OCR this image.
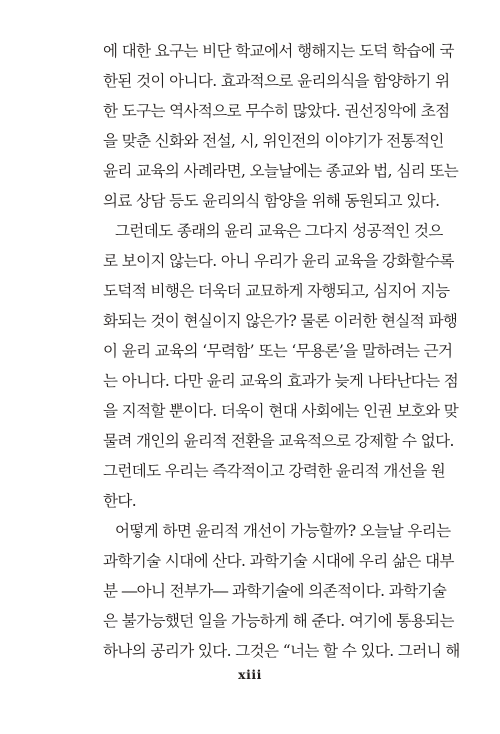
에 대한 요구는 비단 학교에서 행해지는 도덕 학습에 국
한된 것이 아니다. 효과적으로 윤리의식을 함양하기 위
한 도구는 역사적으로 무수히 많았다. 권선징악에 초점
을 맞춘 신화와 전설, 시, 위인전의 이야기가 전통적인
윤리 교육의 사례라면, 오늘날에는 종교와 법, 심리 또는
의료 상담 등도 윤리의식 함양을 위해 동원되고 있다.
그런데도 종래의 윤리 교육은 그다지 성공적인 것으
로 보이지 않는다. 아니 우리가 윤리 교육을 강화할수록
도덕적 비행은 더욱더 교묘하게 자행되고, 심지어 지능
화되는 것이 현실이지 않은가? 물론 이러한 현실적 파행
이 윤리 교육의 ‘무력함’ 또는 ‘무용론’을 말하려는 근거
는 아니다. 다만 윤리 교육의 효과가 늦게 나타난다는 점
을 지적할 뿐이다. 더욱이 현대 사회에는 인권 보호와 맞
물려 개인의 윤리적 전환을 교육적으로 강제할 수 없다.
그런데도 우리는 즉각적이고 강력한 윤리적 개선을 원
한다.
어떻게 하면 윤리적 개선이 가능할까? 오늘날 우리는
과학기술 시대에 산다. 과학기술 시대에 우리 삶은 대부
분 ―아니 전부가― 과학기술에 의존적이다. 과학기술
은 불가능했던 일을 가능하게 해 준다. 여기에 통용되는
하나의 공리가 있다. 그것은 “너는 할 수 있다. 그러니 해
xiii
